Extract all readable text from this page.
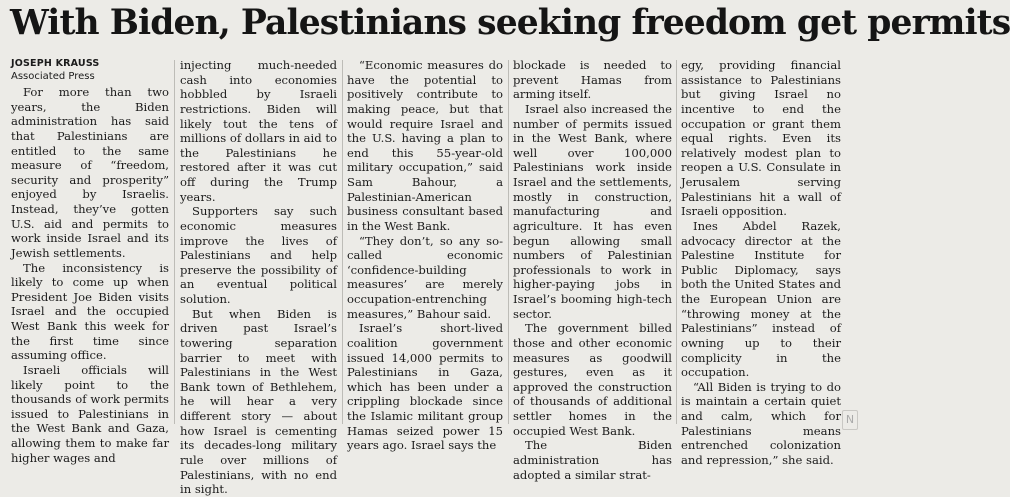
With Biden, Palestinians seeking freedom get permits
JOSEPH KRAUSS
Associated Press

For more than two years, the Biden administration has said that Palestinians are entitled to the same measure of “freedom, security and prosperity” enjoyed by Israelis. Instead, they’ve gotten U.S. aid and permits to work inside Israel and its Jewish settlements.

The inconsistency is likely to come up when President Joe Biden visits Israel and the occupied West Bank this week for the first time since assuming office.

Israeli officials will likely point to the thousands of work permits issued to Palestinians in the West Bank and Gaza, allowing them to make far higher wages and

injecting much-needed cash into economies hobbled by Israeli restrictions. Biden will likely tout the tens of millions of dollars in aid to the Palestinians he restored after it was cut off during the Trump years.

Supporters say such economic measures improve the lives of Palestinians and help preserve the possibility of an eventual political solution.

But when Biden is driven past Israel’s towering separation barrier to meet with Palestinians in the West Bank town of Bethlehem, he will hear a very different story — about how Israel is cementing its decades-long military rule over millions of Palestinians, with no end in sight.

“Economic measures do have the potential to positively contribute to making peace, but that would require Israel and the U.S. having a plan to end this 55-year-old military occupation,” said Sam Bahour, a Palestinian-American business consultant based in the West Bank.

“They don’t, so any so-called economic ‘confidence-building measures’ are merely occupation-entrenching measures,” Bahour said.

Israel’s short-lived coalition government issued 14,000 permits to Palestinians in Gaza, which has been under a crippling blockade since the Islamic militant group Hamas seized power 15 years ago. Israel says the

blockade is needed to prevent Hamas from arming itself.

Israel also increased the number of permits issued in the West Bank, where well over 100,000 Palestinians work inside Israel and the settlements, mostly in construction, manufacturing and agriculture. It has even begun allowing small numbers of Palestinian professionals to work in higher-paying jobs in Israel’s booming high-tech sector.

The government billed those and other economic measures as goodwill gestures, even as it approved the construction of thousands of additional settler homes in the occupied West Bank.

The Biden administration has adopted a similar strat-

egy, providing financial assistance to Palestinians but giving Israel no incentive to end the occupation or grant them equal rights. Even its relatively modest plan to reopen a U.S. Consulate in Jerusalem serving Palestinians hit a wall of Israeli opposition.

Ines Abdel Razek, advocacy director at the Palestine Institute for Public Diplomacy, says both the United States and the European Union are “throwing money at the Palestinians” instead of owning up to their complicity in the occupation.

“All Biden is trying to do is maintain a certain quiet and calm, which for Palestinians means entrenched colonization and repression,” she said.

N
